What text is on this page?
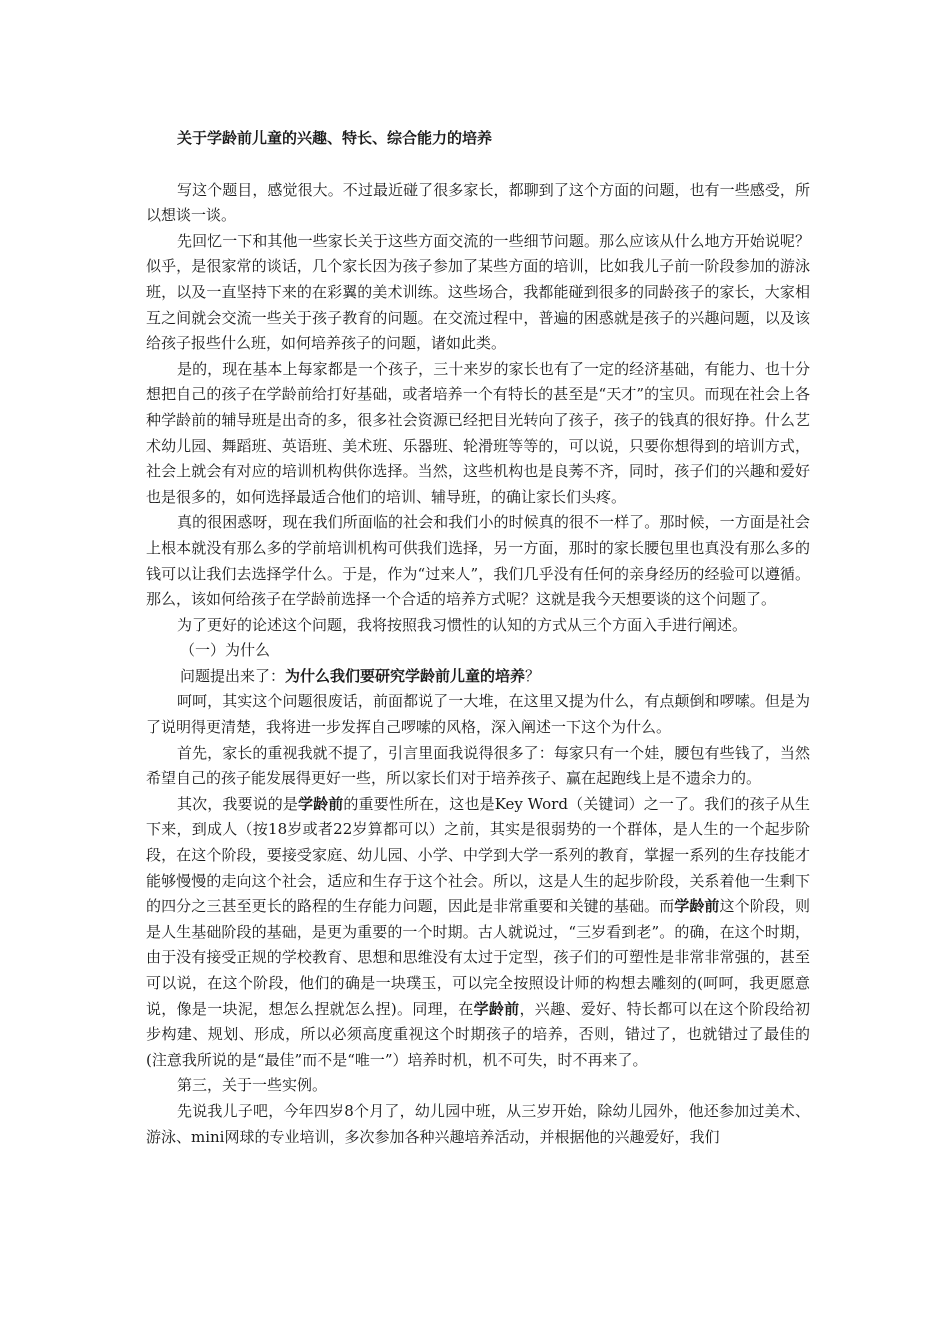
关于学龄前儿童的兴趣、特长、综合能力的培养

写这个题目，感觉很大。不过最近碰了很多家长，都聊到了这个方面的问题，也有一些感受，所以想谈一谈。

先回忆一下和其他一些家长关于这些方面交流的一些细节问题。那么应该从什么地方开始说呢？似乎，是很家常的谈话，几个家长因为孩子参加了某些方面的培训，比如我儿子前一阶段参加的游泳班，以及一直坚持下来的在彩翼的美术训练。这些场合，我都能碰到很多的同龄孩子的家长，大家相互之间就会交流一些关于孩子教育的问题。在交流过程中，普遍的困惑就是孩子的兴趣问题，以及该给孩子报些什么班，如何培养孩子的问题，诸如此类。

是的，现在基本上每家都是一个孩子，三十来岁的家长也有了一定的经济基础，有能力、也十分想把自己的孩子在学龄前给打好基础，或者培养一个有特长的甚至是“天才”的宝贝。而现在社会上各种学龄前的辅导班是出奇的多，很多社会资源已经把目光转向了孩子，孩子的钱真的很好挣。什么艺术幼儿园、舞蹈班、英语班、美术班、乐器班、轮滑班等等的，可以说，只要你想得到的培训方式，社会上就会有对应的培训机构供你选择。当然，这些机构也是良莠不齐，同时，孩子们的兴趣和爱好也是很多的，如何选择最适合他们的培训、辅导班，的确让家长们头疼。

真的很困惑呀，现在我们所面临的社会和我们小的时候真的很不一样了。那时候，一方面是社会上根本就没有那么多的学前培训机构可供我们选择，另一方面，那时的家长腰包里也真没有那么多的钱可以让我们去选择学什么。于是，作为“过来人”，我们几乎没有任何的亲身经历的经验可以遵循。那么，该如何给孩子在学龄前选择一个合适的培养方式呢？这就是我今天想要谈的这个问题了。

为了更好的论述这个问题，我将按照我习惯性的认知的方式从三个方面入手进行阐述。

（一）为什么

问题提出来了：为什么我们要研究学龄前儿童的培养？

呵呵，其实这个问题很废话，前面都说了一大堆，在这里又提为什么，有点颠倒和啰嗦。但是为了说明得更清楚，我将进一步发挥自己啰嗦的风格，深入阐述一下这个为什么。

首先，家长的重视我就不提了，引言里面我说得很多了：每家只有一个娃，腰包有些钱了，当然希望自己的孩子能发展得更好一些，所以家长们对于培养孩子、赢在起跑线上是不遗余力的。

其次，我要说的是学龄前的重要性所在，这也是Key Word（关键词）之一了。我们的孩子从生下来，到成人（按18岁或者22岁算都可以）之前，其实是很弱势的一个群体，是人生的一个起步阶段，在这个阶段，要接受家庭、幼儿园、小学、中学到大学一系列的教育，掌握一系列的生存技能才能够慢慢的走向这个社会，适应和生存于这个社会。所以，这是人生的起步阶段，关系着他一生剩下的四分之三甚至更长的路程的生存能力问题，因此是非常重要和关键的基础。而学龄前这个阶段，则是人生基础阶段的基础，是更为重要的一个时期。古人就说过，“三岁看到老”。的确，在这个时期，由于没有接受正规的学校教育、思想和思维没有太过于定型，孩子们的可塑性是非常非常强的，甚至可以说，在这个阶段，他们的确是一块璞玉，可以完全按照设计师的构想去雕刻的(呵呵，我更愿意说，像是一块泥，想怎么捏就怎么捏)。同理，在学龄前，兴趣、爱好、特长都可以在这个阶段给初步构建、规划、形成，所以必须高度重视这个时期孩子的培养，否则，错过了，也就错过了最佳的(注意我所说的是“最佳”而不是“唯一”）培养时机，机不可失，时不再来了。

第三，关于一些实例。

先说我儿子吧，今年四岁8个月了，幼儿园中班，从三岁开始，除幼儿园外，他还参加过美术、游泳、mini网球的专业培训，多次参加各种兴趣培养活动，并根据他的兴趣爱好，我们
